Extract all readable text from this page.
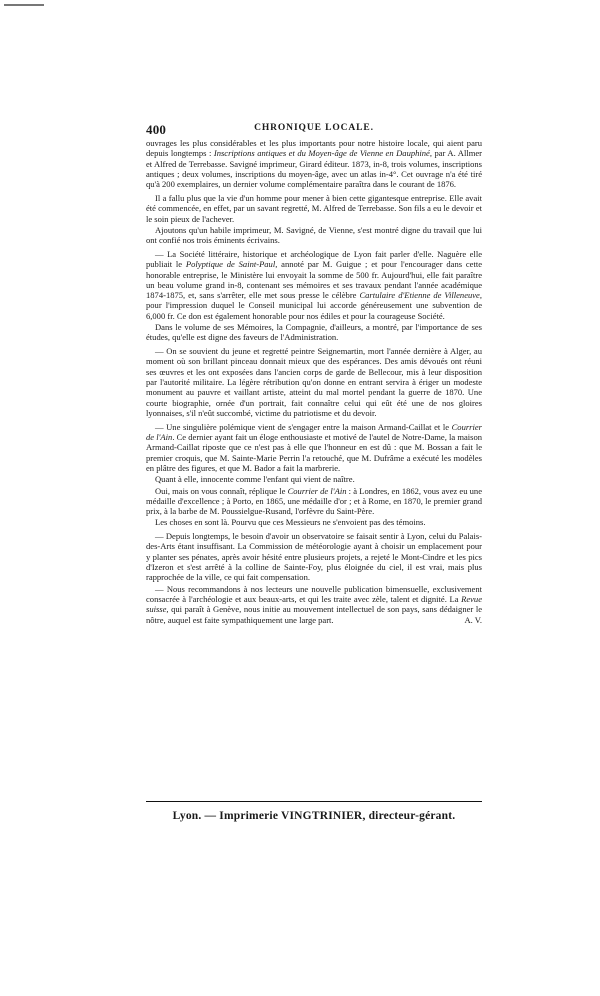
400	CHRONIQUE LOCALE.

ouvrages les plus considérables et les plus importants pour notre histoire locale, qui aient paru depuis longtemps : Inscriptions antiques et du Moyen-âge de Vienne en Dauphiné, par A. Allmer et Alfred de Terrebasse. Savigné imprimeur, Girard éditeur. 1873, in-8, trois volumes, inscriptions antiques ; deux volumes, inscriptions du moyen-âge, avec un atlas in-4°. Cet ouvrage n'a été tiré qu'à 200 exemplaires, un dernier volume complémentaire paraîtra dans le courant de 1876.

Il a fallu plus que la vie d'un homme pour mener à bien cette gigantesque entreprise. Elle avait été commencée, en effet, par un savant regretté, M. Alfred de Terrebasse. Son fils a eu le devoir et le soin pieux de l'achever.

Ajoutons qu'un habile imprimeur, M. Savigné, de Vienne, s'est montré digne du travail que lui ont confié nos trois éminents écrivains.

— La Société littéraire, historique et archéologique de Lyon fait parler d'elle. Naguère elle publiait le Polyptique de Saint-Paul, annoté par M. Guigue ; et pour l'encourager dans cette honorable entreprise, le Ministère lui envoyait la somme de 500 fr. Aujourd'hui, elle fait paraître un beau volume grand in-8, contenant ses mémoires et ses travaux pendant l'année académique 1874-1875, et, sans s'arrêter, elle met sous presse le célèbre Cartulaire d'Etienne de Villeneuve, pour l'impression duquel le Conseil municipal lui accorde généreusement une subvention de 6,000 fr. Ce don est également honorable pour nos édiles et pour la courageuse Société.

Dans le volume de ses Mémoires, la Compagnie, d'ailleurs, a montré, par l'importance de ses études, qu'elle est digne des faveurs de l'Administration.

— On se souvient du jeune et regretté peintre Seignemartin, mort l'année dernière à Alger, au moment où son brillant pinceau donnait mieux que des espérances. Des amis dévoués ont réuni ses œuvres et les ont exposées dans l'ancien corps de garde de Bellecour, mis à leur disposition par l'autorité militaire. La légère rétribution qu'on donne en entrant servira à ériger un modeste monument au pauvre et vaillant artiste, atteint du mal mortel pendant la guerre de 1870. Une courte biographie, ornée d'un portrait, fait connaître celui qui eût été une de nos gloires lyonnaises, s'il n'eût succombé, victime du patriotisme et du devoir.

— Une singulière polémique vient de s'engager entre la maison Armand-Caillat et le Courrier de l'Ain. Ce dernier ayant fait un éloge enthousiaste et motivé de l'autel de Notre-Dame, la maison Armand-Caillat riposte que ce n'est pas à elle que l'honneur en est dû : que M. Bossan a fait le premier croquis, que M. Sainte-Marie Perrin l'a retouché, que M. Dufrâme a exécuté les modèles en plâtre des figures, et que M. Bador a fait la marbrerie.

Quant à elle, innocente comme l'enfant qui vient de naître.

Oui, mais on vous connaît, réplique le Courrier de l'Ain : à Londres, en 1862, vous avez eu une médaille d'excellence ; à Porto, en 1865, une médaille d'or ; et à Rome, en 1870, le premier grand prix, à la barbe de M. Poussielgue-Rusand, l'orfèvre du Saint-Père.

Les choses en sont là. Pourvu que ces Messieurs ne s'envoient pas des témoins.

— Depuis longtemps, le besoin d'avoir un observatoire se faisait sentir à Lyon, celui du Palais-des-Arts étant insuffisant. La Commission de météorologie ayant à choisir un emplacement pour y planter ses pénates, après avoir hésité entre plusieurs projets, a rejeté le Mont-Cindre et les pics d'Izeron et s'est arrêté à la colline de Sainte-Foy, plus éloignée du ciel, il est vrai, mais plus rapprochée de la ville, ce qui fait compensation.

— Nous recommandons à nos lecteurs une nouvelle publication bimensuelle, exclusivement consacrée à l'archéologie et aux beaux-arts, et qui les traite avec zèle, talent et dignité. La Revue suisse, qui paraît à Genève, nous initie au mouvement intellectuel de son pays, sans dédaigner le nôtre, auquel est faite sympathiquement une large part.	A. V.

Lyon. — Imprimerie VINGTRINIER, directeur-gérant.
